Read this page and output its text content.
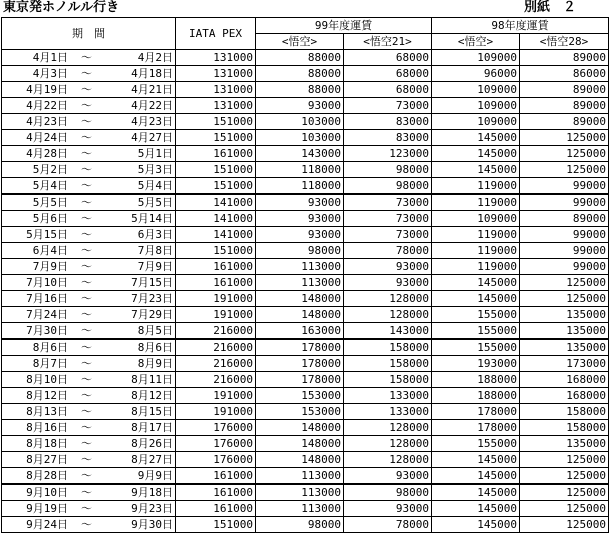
東京発ホノルル行き	別紙　２
期　間	IATA PEX	99年度運賃		98年度運賃	
		<悟空>	<悟空21>	<悟空>	<悟空28>

4月1日 ～ 4月2日	131000	88000	68000	109000	89000

4月3日 ～ 4月18日	131000	88000	68000	96000	86000

4月19日 ～ 4月21日	131000	88000	68000	109000	89000

4月22日 ～ 4月22日	131000	93000	73000	109000	89000

4月23日 ～ 4月23日	151000	103000	83000	109000	89000

4月24日 ～ 4月27日	151000	103000	83000	145000	125000

4月28日 ～ 5月1日	161000	143000	123000	145000	125000

5月2日 ～ 5月3日	151000	118000	98000	145000	125000

5月4日 ～ 5月4日	151000	118000	98000	119000	99000

5月5日 ～ 5月5日	141000	93000	73000	119000	99000

5月6日 ～ 5月14日	141000	93000	73000	109000	89000

5月15日 ～ 6月3日	141000	93000	73000	119000	99000

6月4日 ～ 7月8日	151000	98000	78000	119000	99000

7月9日 ～ 7月9日	161000	113000	93000	119000	99000

7月10日 ～ 7月15日	161000	113000	93000	145000	125000

7月16日 ～ 7月23日	191000	148000	128000	145000	125000

7月24日 ～ 7月29日	191000	148000	128000	155000	135000

7月30日 ～ 8月5日	216000	163000	143000	155000	135000

8月6日 ～ 8月6日	216000	178000	158000	155000	135000

8月7日 ～ 8月9日	216000	178000	158000	193000	173000

8月10日 ～ 8月11日	216000	178000	158000	188000	168000

8月12日 ～ 8月12日	191000	153000	133000	188000	168000

8月13日 ～ 8月15日	191000	153000	133000	178000	158000

8月16日 ～ 8月17日	176000	148000	128000	178000	158000

8月18日 ～ 8月26日	176000	148000	128000	155000	135000

8月27日 ～ 8月27日	176000	148000	128000	145000	125000

8月28日 ～ 9月9日	161000	113000	93000	145000	125000

9月10日 ～ 9月18日	161000	113000	98000	145000	125000

9月19日 ～ 9月23日	161000	113000	93000	145000	125000

9月24日 ～ 9月30日	151000	98000	78000	145000	125000
